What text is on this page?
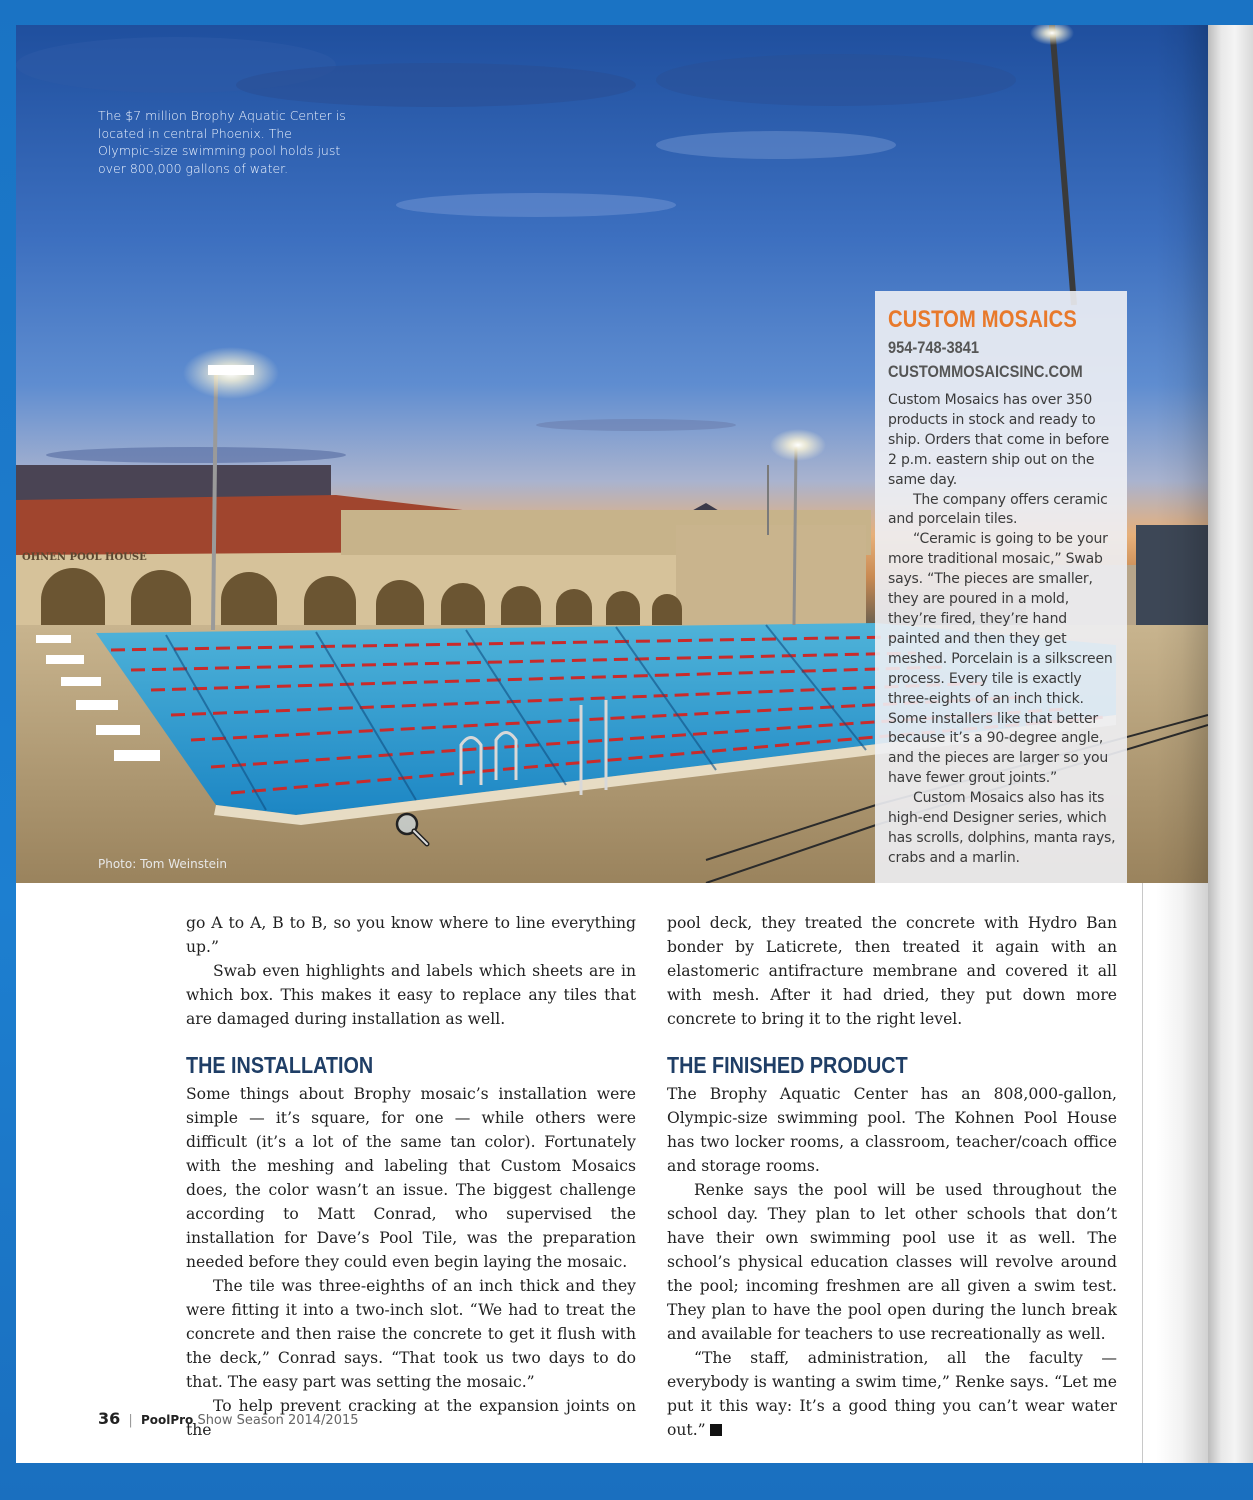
OHNEN POOL HOUSE
The $7 million Brophy Aquatic Center is located in central Phoenix. The Olympic-size swimming pool holds just over 800,000 gallons of water.
Photo: Tom Weinstein
CUSTOM MOSAICS
954-748-3841
CUSTOMMOSAICSINC.COM

Custom Mosaics has over 350 products in stock and ready to ship. Orders that come in before 2 p.m. eastern ship out on the same day.

The company offers ceramic and porcelain tiles.

“Ceramic is going to be your more traditional mosaic,” Swab says. “The pieces are smaller, they are poured in a mold, they’re fired, they’re hand painted and then they get meshed. Porcelain is a silkscreen process. Every tile is exactly three-eights of an inch thick. Some installers like that better because it’s a 90-degree angle, and the pieces are larger so you have fewer grout joints.”

Custom Mosaics also has its high-end Designer series, which has scrolls, dolphins, manta rays, crabs and a marlin.

go A to A, B to B, so you know where to line everything up.”

Swab even highlights and labels which sheets are in which box. This makes it easy to replace any tiles that are damaged during installation as well.

THE INSTALLATION

Some things about Brophy mosaic’s installation were simple — it’s square, for one — while others were difficult (it’s a lot of the same tan color). Fortunately with the meshing and labeling that Custom Mosaics does, the color wasn’t an issue. The biggest challenge according to Matt Conrad, who supervised the installation for Dave’s Pool Tile, was the preparation needed before they could even begin laying the mosaic.

The tile was three-eighths of an inch thick and they were fitting it into a two-inch slot. “We had to treat the concrete and then raise the concrete to get it flush with the deck,” Conrad says. “That took us two days to do that. The easy part was setting the mosaic.”

To help prevent cracking at the expansion joints on the

pool deck, they treated the concrete with Hydro Ban bonder by Laticrete, then treated it again with an elastomeric antifracture membrane and covered it all with mesh. After it had dried, they put down more concrete to bring it to the right level.

THE FINISHED PRODUCT

The Brophy Aquatic Center has an 808,000-gallon, Olympic-size swimming pool. The Kohnen Pool House has two locker rooms, a classroom, teacher/coach office and storage rooms.

Renke says the pool will be used throughout the school day. They plan to let other schools that don’t have their own swimming pool use it as well. The school’s physical education classes will revolve around the pool; incoming freshmen are all given a swim test. They plan to have the pool open during the lunch break and available for teachers to use recreationally as well.

“The staff, administration, all the faculty — everybody is wanting a swim time,” Renke says. “Let me put it this way: It’s a good thing you can’t wear water out.”

36 | PoolPro Show Season 2014/2015
